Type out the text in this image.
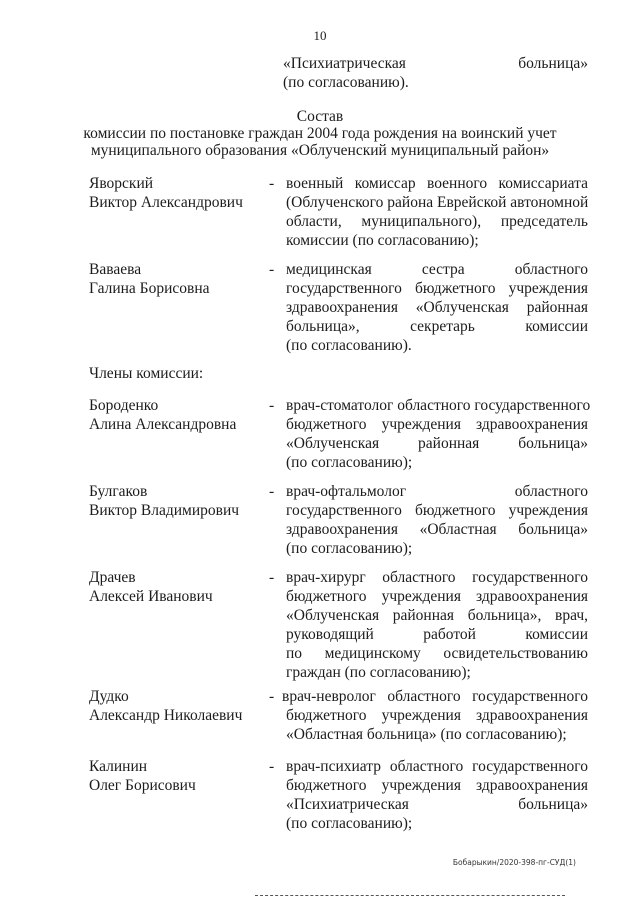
10
«Психиатрическая	больница»
(по согласованию).
Состав
комиссии по постановке граждан 2004 года рождения на воинский учет
муниципального образования «Облученский муниципальный район»
Яворский
Виктор Александрович
- военный комиссар военного комиссариата
(Облученского района Еврейской автономной
области, муниципального), председатель
комиссии (по согласованию);
Ваваева
Галина Борисовна
- медицинская сестра областного
государственного бюджетного учреждения
здравоохранения «Облученская районная
больница», секретарь комиссии
(по согласованию).
Члены комиссии:
Бороденко
Алина Александровна
- врач-стоматолог областного государственного
бюджетного учреждения здравоохранения
«Облученская районная больница»
(по согласованию);
Булгаков
Виктор Владимирович
- врач-офтальмолог областного
государственного бюджетного учреждения
здравоохранения «Областная больница»
(по согласованию);
Драчев
Алексей Иванович
- врач-хирург областного государственного
бюджетного учреждения здравоохранения
«Облученская районная больница», врач,
руководящий работой комиссии
по медицинскому освидетельствованию
граждан (по согласованию);
Дудко
Александр Николаевич
- врач-невролог областного государственного
бюджетного учреждения здравоохранения
«Областная больница» (по согласованию);
Калинин
Олег Борисович
- врач-психиатр областного государственного
бюджетного учреждения здравоохранения
«Психиатрическая больница»
(по согласованию);
Бобарыкин/2020-398-пг-СУД(1)
